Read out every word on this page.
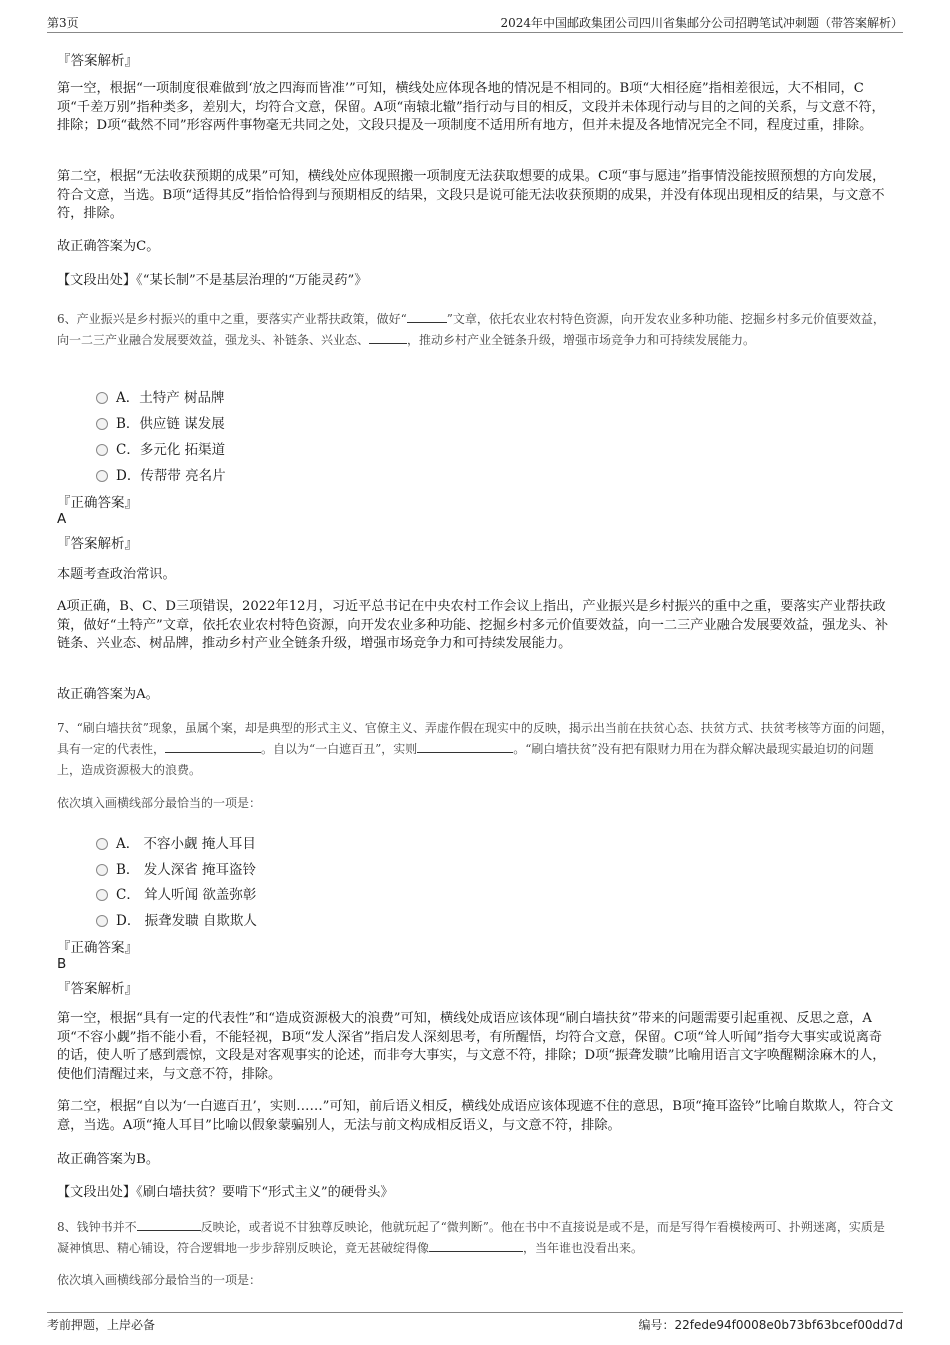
第3页	2024年中国邮政集团公司四川省集邮分公司招聘笔试冲刺题（带答案解析）
『答案解析』
第一空，根据“一项制度很难做到‘放之四海而皆准’”可知，横线处应体现各地的情况是不相同的。B项“大相径庭”指相差很远，大不相同，C项“千差万别”指种类多，差别大，均符合文意，保留。A项“南辕北辙”指行动与目的相反，文段并未体现行动与目的之间的关系，与文意不符，排除；D项“截然不同”形容两件事物毫无共同之处，文段只提及一项制度不适用所有地方，但并未提及各地情况完全不同，程度过重，排除。
第二空，根据“无法收获预期的成果”可知，横线处应体现照搬一项制度无法获取想要的成果。C项“事与愿违”指事情没能按照预想的方向发展，符合文意，当选。B项“适得其反”指恰恰得到与预期相反的结果，文段只是说可能无法收获预期的成果，并没有体现出现相反的结果，与文意不符，排除。
故正确答案为C。
【文段出处】《“某长制”不是基层治理的“万能灵药”》
6、产业振兴是乡村振兴的重中之重，要落实产业帮扶政策，做好“	”文章，依托农业农村特色资源，向开发农业多种功能、挖掘乡村多元价值要效益，向一二三产业融合发展要效益，强龙头、补链条、兴业态、	，推动乡村产业全链条升级，增强市场竞争力和可持续发展能力。
A．土特产 树品牌
B．供应链 谋发展
C．多元化 拓渠道
D．传帮带 亮名片
『正确答案』
A
『答案解析』
本题考查政治常识。
A项正确，B、C、D三项错误，2022年12月，习近平总书记在中央农村工作会议上指出，产业振兴是乡村振兴的重中之重，要落实产业帮扶政策，做好“土特产”文章，依托农业农村特色资源，向开发农业多种功能、挖掘乡村多元价值要效益，向一二三产业融合发展要效益，强龙头、补链条、兴业态、树品牌，推动乡村产业全链条升级，增强市场竞争力和可持续发展能力。
故正确答案为A。
7、“刷白墙扶贫”现象，虽属个案，却是典型的形式主义、官僚主义、弄虚作假在现实中的反映，揭示出当前在扶贫心态、扶贫方式、扶贫考核等方面的问题，具有一定的代表性，	。自以为“一白遮百丑”，实则	。“刷白墙扶贫”没有把有限财力用在为群众解决最现实最迫切的问题上，造成资源极大的浪费。
依次填入画横线部分最恰当的一项是：
A． 不容小觑 掩人耳目
B． 发人深省 掩耳盗铃
C． 耸人听闻 欲盖弥彰
D． 振聋发聩 自欺欺人
『正确答案』
B
『答案解析』
第一空，根据“具有一定的代表性”和“造成资源极大的浪费”可知，横线处成语应该体现“刷白墙扶贫”带来的问题需要引起重视、反思之意，A项“不容小觑”指不能小看，不能轻视，B项“发人深省”指启发人深刻思考，有所醒悟，均符合文意，保留。C项“耸人听闻”指夸大事实或说离奇的话，使人听了感到震惊，文段是对客观事实的论述，而非夸大事实，与文意不符，排除；D项“振聋发聩”比喻用语言文字唤醒糊涂麻木的人，使他们清醒过来，与文意不符，排除。
第二空，根据“自以为‘一白遮百丑’，实则……”可知，前后语义相反，横线处成语应该体现遮不住的意思，B项“掩耳盗铃”比喻自欺欺人，符合文意，当选。A项“掩人耳目”比喻以假象蒙骗别人，无法与前文构成相反语义，与文意不符，排除。
故正确答案为B。
【文段出处】《刷白墙扶贫？要啃下“形式主义”的硬骨头》
8、钱钟书并不	反映论，或者说不甘独尊反映论，他就玩起了“微判断”。他在书中不直接说是或不是，而是写得乍看模棱两可、扑朔迷离，实质是凝神慎思、精心铺设，符合逻辑地一步步辞别反映论，竟无甚破绽得像	，当年谁也没看出来。
依次填入画横线部分最恰当的一项是：
考前押题，上岸必备	编号：22fede94f0008e0b73bf63bcef00dd7d
